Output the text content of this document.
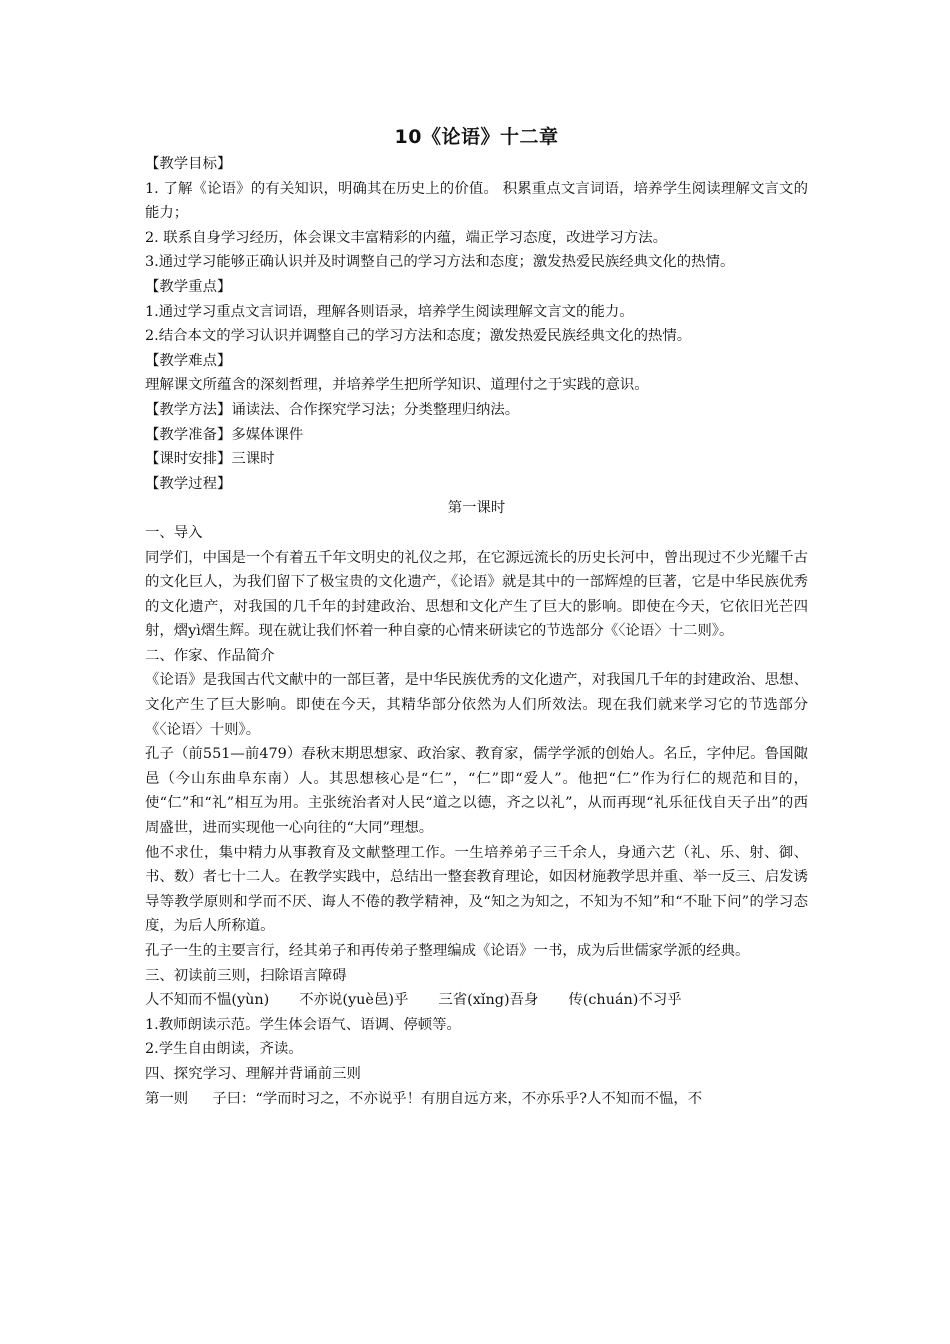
10《论语》十二章

【教学目标】

1. 了解《论语》的有关知识，明确其在历史上的价值。 积累重点文言词语，培养学生阅读理解文言文的能力；

2. 联系自身学习经历，体会课文丰富精彩的内蕴，端正学习态度，改进学习方法。

3.通过学习能够正确认识并及时调整自己的学习方法和态度；激发热爱民族经典文化的热情。

【教学重点】

1.通过学习重点文言词语，理解各则语录，培养学生阅读理解文言文的能力。

2.结合本文的学习认识并调整自己的学习方法和态度；激发热爱民族经典文化的热情。

【教学难点】

理解课文所蕴含的深刻哲理，并培养学生把所学知识、道理付之于实践的意识。

【教学方法】诵读法、合作探究学习法；分类整理归纳法。

【教学准备】多媒体课件

【课时安排】三课时

【教学过程】

第一课时

一、导入

同学们，中国是一个有着五千年文明史的礼仪之邦，在它源远流长的历史长河中，曾出现过不少光耀千古的文化巨人，为我们留下了极宝贵的文化遗产，《论语》就是其中的一部辉煌的巨著，它是中华民族优秀的文化遗产，对我国的几千年的封建政治、思想和文化产生了巨大的影响。即使在今天，它依旧光芒四射，熠yì熠生辉。现在就让我们怀着一种自豪的心情来研读它的节选部分《〈论语〉十二则》。

二、作家、作品简介

《论语》是我国古代文献中的一部巨著，是中华民族优秀的文化遗产，对我国几千年的封建政治、思想、文化产生了巨大影响。即使在今天，其精华部分依然为人们所效法。现在我们就来学习它的节选部分《〈论语〉十则》。

孔子（前551—前479）春秋末期思想家、政治家、教育家，儒学学派的创始人。名丘，字仲尼。鲁国陬邑（今山东曲阜东南）人。其思想核心是“仁”，“仁”即“爱人”。他把“仁”作为行仁的规范和目的，使“仁”和“礼”相互为用。主张统治者对人民“道之以德，齐之以礼”，从而再现“礼乐征伐自天子出”的西周盛世，进而实现他一心向往的“大同”理想。

他不求仕，集中精力从事教育及文献整理工作。一生培养弟子三千余人，身通六艺（礼、乐、射、御、书、数）者七十二人。在教学实践中，总结出一整套教育理论，如因材施教学思并重、举一反三、启发诱导等教学原则和学而不厌、诲人不倦的教学精神，及“知之为知之，不知为不知”和“不耻下问”的学习态度，为后人所称道。

孔子一生的主要言行，经其弟子和再传弟子整理编成《论语》一书，成为后世儒家学派的经典。

三、初读前三则，扫除语言障碍

人不知而不愠(yùn) 不亦说(yuè邑)乎 三省(xǐng)吾身 传(chuán)不习乎

1.教师朗读示范。学生体会语气、语调、停顿等。

2.学生自由朗读，齐读。

四、探究学习、理解并背诵前三则

第一则 子曰：“学而时习之，不亦说乎！有朋自远方来，不亦乐乎?人不知而不愠，不
